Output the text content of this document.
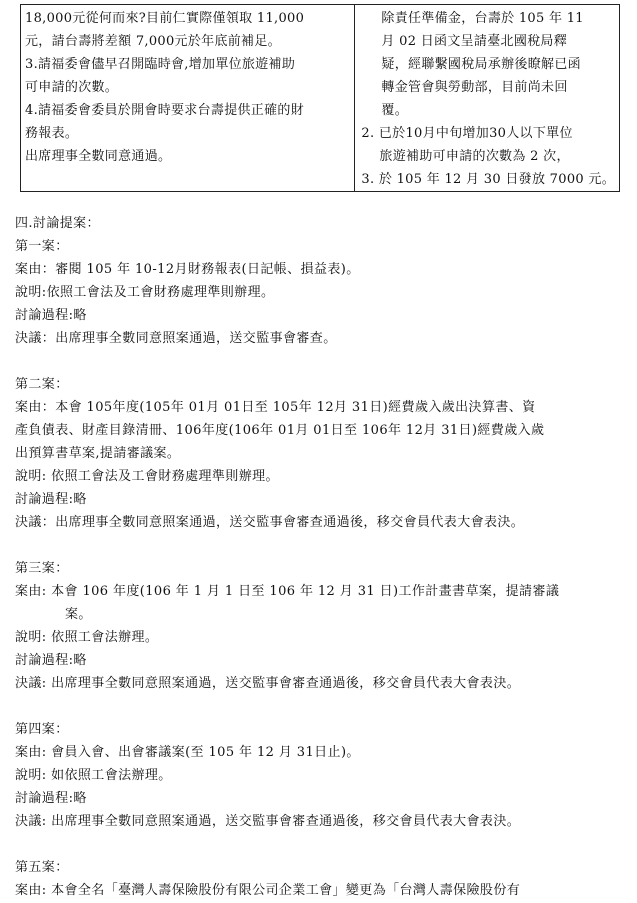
18,000元從何而來?目前仁實際僅領取 11,000
元，請台壽將差額 7,000元於年底前補足。
3.請福委會儘早召開臨時會,增加單位旅遊補助
可申請的次數。
4.請福委會委員於開會時要求台壽提供正確的財
務報表。
出席理事全數同意通過。
除責任準備金，台壽於 105 年 11
月 02 日函文呈請臺北國稅局釋
疑，經聯繫國稅局承辦後瞭解已函
轉金管會與勞動部，目前尚未回
覆。
2. 已於10月中旬增加30人以下單位
旅遊補助可申請的次數為 2 次，
3. 於 105 年 12 月 30 日發放 7000 元。
四.討論提案：
第一案：
案由：審閱 105 年 10-12月財務報表(日記帳、損益表)。
說明:依照工會法及工會財務處理準則辦理。
討論過程:略
決議：出席理事全數同意照案通過，送交監事會審查。
第二案：
案由：本會 105年度(105年 01月 01日至 105年 12月 31日)經費歲入歲出決算書、資
產負債表、財產目錄清冊、106年度(106年 01月 01日至 106年 12月 31日)經費歲入歲
出預算書草案,提請審議案。
說明: 依照工會法及工會財務處理準則辦理。
討論過程:略
決議：出席理事全數同意照案通過，送交監事會審查通過後，移交會員代表大會表決。
第三案：
案由: 本會 106 年度(106 年 1 月 1 日至 106 年 12 月 31 日)工作計畫書草案，提請審議
案。
說明: 依照工會法辦理。
討論過程:略
決議: 出席理事全數同意照案通過，送交監事會審查通過後，移交會員代表大會表決。
第四案：
案由: 會員入會、出會審議案(至 105 年 12 月 31日止)。
說明: 如依照工會法辦理。
討論過程:略
決議: 出席理事全數同意照案通過，送交監事會審查通過後，移交會員代表大會表決。
第五案：
案由: 本會全名「臺灣人壽保險股份有限公司企業工會」變更為「台灣人壽保險股份有
